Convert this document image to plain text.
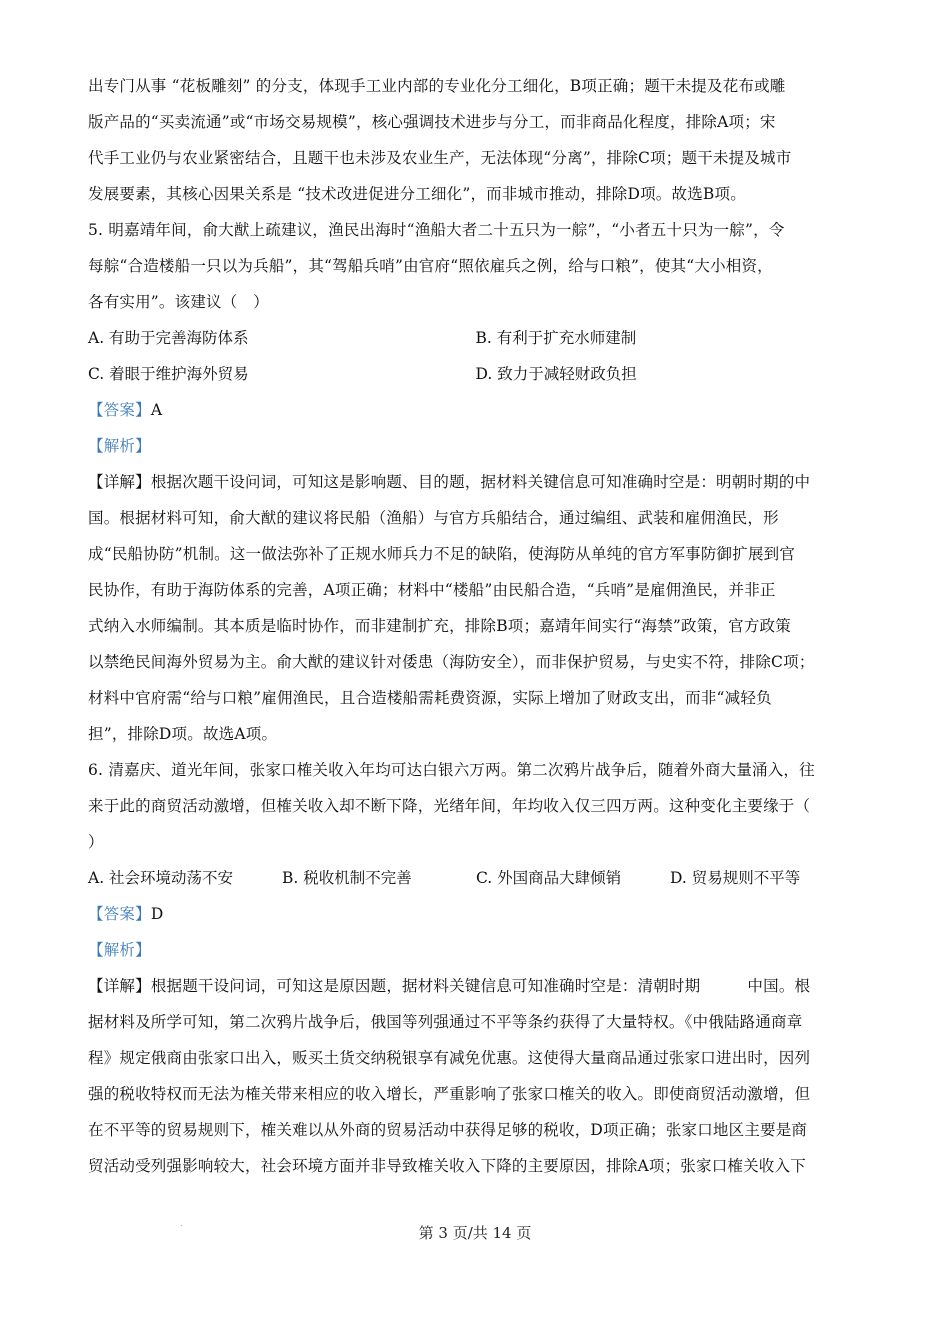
出专门从事 “花板雕刻” 的分支，体现手工业内部的专业化分工细化，B项正确；题干未提及花布或雕
版产品的“买卖流通”或“市场交易规模”，核心强调技术进步与分工，而非商品化程度，排除A项；宋
代手工业仍与农业紧密结合，且题干也未涉及农业生产，无法体现“分离”，排除C项；题干未提及城市
发展要素，其核心因果关系是 “技术改进促进分工细化”，而非城市推动，排除D项。故选B项。
5. 明嘉靖年间，俞大猷上疏建议，渔民出海时“渔船大者二十五只为一䑸”，“小者五十只为一䑸”，令
每䑸“合造楼船一只以为兵船”，其“驾船兵哨”由官府“照依雇兵之例，给与口粮”，使其“大小相资，
各有实用”。该建议（　）
A. 有助于完善海防体系	B. 有利于扩充水师建制
C. 着眼于维护海外贸易	D. 致力于减轻财政负担
【答案】A
【解析】
【详解】根据次题干设问词，可知这是影响题、目的题，据材料关键信息可知准确时空是：明朝时期的中
国。根据材料可知，俞大猷的建议将民船（渔船）与官方兵船结合，通过编组、武装和雇佣渔民，形
成“民船协防”机制。这一做法弥补了正规水师兵力不足的缺陷，使海防从单纯的官方军事防御扩展到官
民协作，有助于海防体系的完善，A项正确；材料中“楼船”由民船合造，“兵哨”是雇佣渔民，并非正
式纳入水师编制。其本质是临时协作，而非建制扩充，排除B项；嘉靖年间实行“海禁”政策，官方政策
以禁绝民间海外贸易为主。俞大猷的建议针对倭患（海防安全），而非保护贸易，与史实不符，排除C项；
材料中官府需“给与口粮”雇佣渔民，且合造楼船需耗费资源，实际上增加了财政支出，而非“减轻负
担”，排除D项。故选A项。
6. 清嘉庆、道光年间，张家口榷关收入年均可达白银六万两。第二次鸦片战争后，随着外商大量涌入，往
来于此的商贸活动激增，但榷关收入却不断下降，光绪年间，年均收入仅三四万两。这种变化主要缘于（
）
A. 社会环境动荡不安	B. 税收机制不完善	C. 外国商品大肆倾销	D. 贸易规则不平等
【答案】D
【解析】
【详解】根据题干设问词，可知这是原因题，据材料关键信息可知准确时空是：清朝时期　　　中国。根
据材料及所学可知，第二次鸦片战争后，俄国等列强通过不平等条约获得了大量特权。《中俄陆路通商章
程》规定俄商由张家口出入，贩买土货交纳税银享有减免优惠。这使得大量商品通过张家口进出时，因列
强的税收特权而无法为榷关带来相应的收入增长，严重影响了张家口榷关的收入。即使商贸活动激增，但
在不平等的贸易规则下，榷关难以从外商的贸易活动中获得足够的税收，D项正确；张家口地区主要是商
贸活动受列强影响较大，社会环境方面并非导致榷关收入下降的主要原因，排除A项；张家口榷关收入下
第 3 页/共 14 页
